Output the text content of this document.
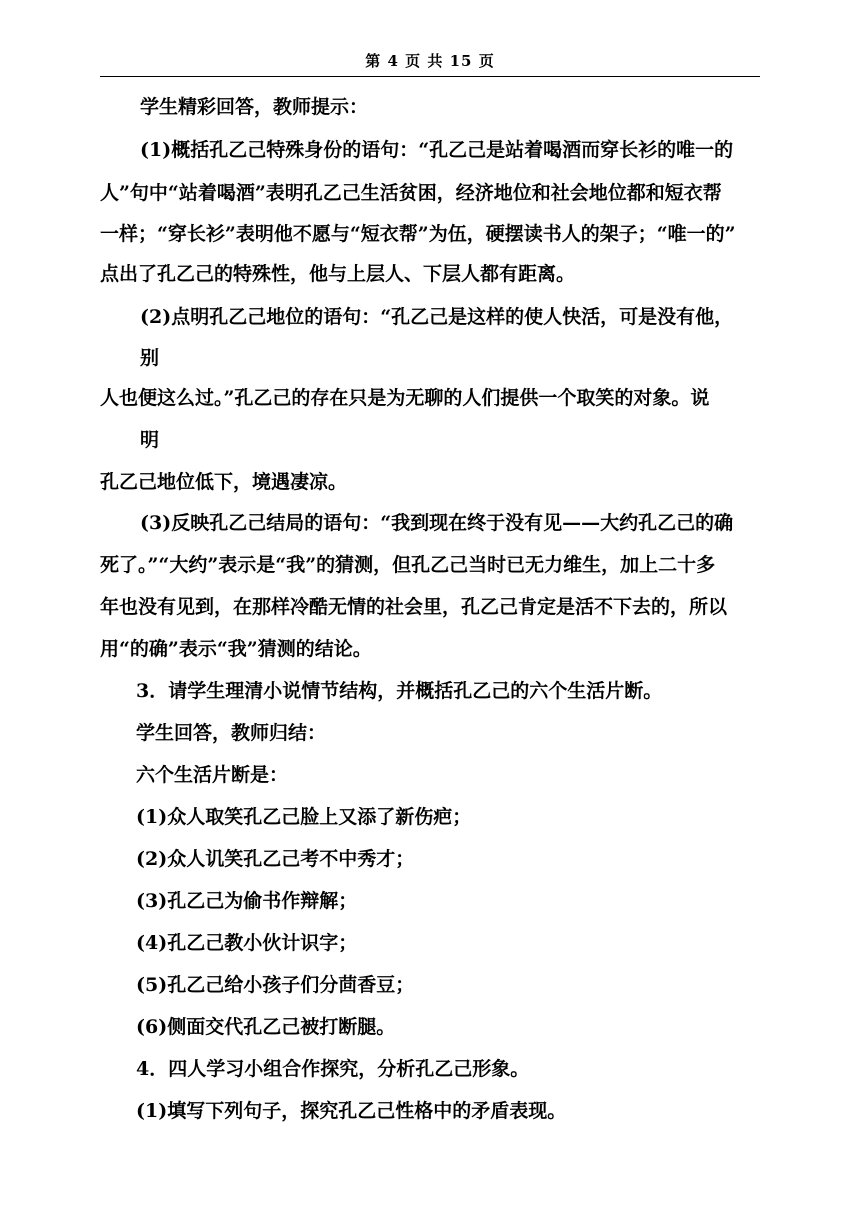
第 4 页 共 15 页
学生精彩回答，教师提示：
(1)概括孔乙己特殊身份的语句：“孔乙己是站着喝酒而穿长衫的唯一的
人”句中“站着喝酒”表明孔乙己生活贫困，经济地位和社会地位都和短衣帮
一样；“穿长衫”表明他不愿与“短衣帮”为伍，硬摆读书人的架子；“唯一的”
点出了孔乙己的特殊性，他与上层人、下层人都有距离。
(2)点明孔乙己地位的语句：“孔乙己是这样的使人快活，可是没有他，
别
人也便这么过。”孔乙己的存在只是为无聊的人们提供一个取笑的对象。说
明
孔乙己地位低下，境遇凄凉。
(3)反映孔乙己结局的语句：“我到现在终于没有见——大约孔乙己的确
死了。”“大约”表示是“我”的猜测，但孔乙己当时已无力维生，加上二十多
年也没有见到，在那样冷酷无情的社会里，孔乙己肯定是活不下去的，所以
用“的确”表示“我”猜测的结论。
3．请学生理清小说情节结构，并概括孔乙己的六个生活片断。
学生回答，教师归结：
六个生活片断是：
(1)众人取笑孔乙己脸上又添了新伤疤；
(2)众人讥笑孔乙己考不中秀才；
(3)孔乙己为偷书作辩解；
(4)孔乙己教小伙计识字；
(5)孔乙己给小孩子们分茴香豆；
(6)侧面交代孔乙己被打断腿。
4．四人学习小组合作探究，分析孔乙己形象。
(1)填写下列句子，探究孔乙己性格中的矛盾表现。
